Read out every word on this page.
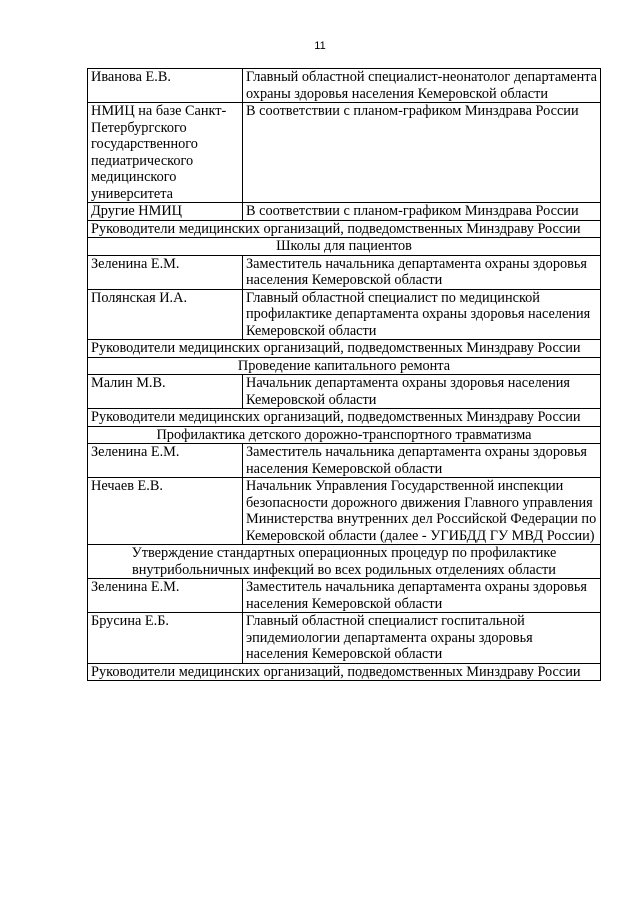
11
Иванова Е.В.	Главный областной специалист-неонатолог департамента охраны здоровья населения Кемеровской области
НМИЦ на базе Санкт-Петербургского государственного педиатрического медицинского университета	В соответствии с планом-графиком Минздрава России
Другие НМИЦ	В соответствии с планом-графиком Минздрава России
Руководители медицинских организаций, подведомственных Минздраву России	
Школы для пациентов	
Зеленина Е.М.	Заместитель начальника департамента охраны здоровья населения Кемеровской области
Полянская И.А.	Главный областной специалист по медицинской профилактике департамента охраны здоровья населения Кемеровской области
Руководители медицинских организаций, подведомственных Минздраву России	
Проведение капитального ремонта	
Малин М.В.	Начальник департамента охраны здоровья населения Кемеровской области
Руководители медицинских организаций, подведомственных Минздраву России	
Профилактика детского дорожно-транспортного травматизма	
Зеленина Е.М.	Заместитель начальника департамента охраны здоровья населения Кемеровской области
Нечаев Е.В.	Начальник Управления Государственной инспекции безопасности дорожного движения Главного управления Министерства внутренних дел Российской Федерации по Кемеровской области (далее - УГИБДД ГУ МВД России)
Утверждение стандартных операционных процедур по профилактике внутрибольничных инфекций во всех родильных отделениях области	
Зеленина Е.М.	Заместитель начальника департамента охраны здоровья населения Кемеровской области
Брусина Е.Б.	Главный областной специалист госпитальной эпидемиологии департамента охраны здоровья населения Кемеровской области
Руководители медицинских организаций, подведомственных Минздраву России	
